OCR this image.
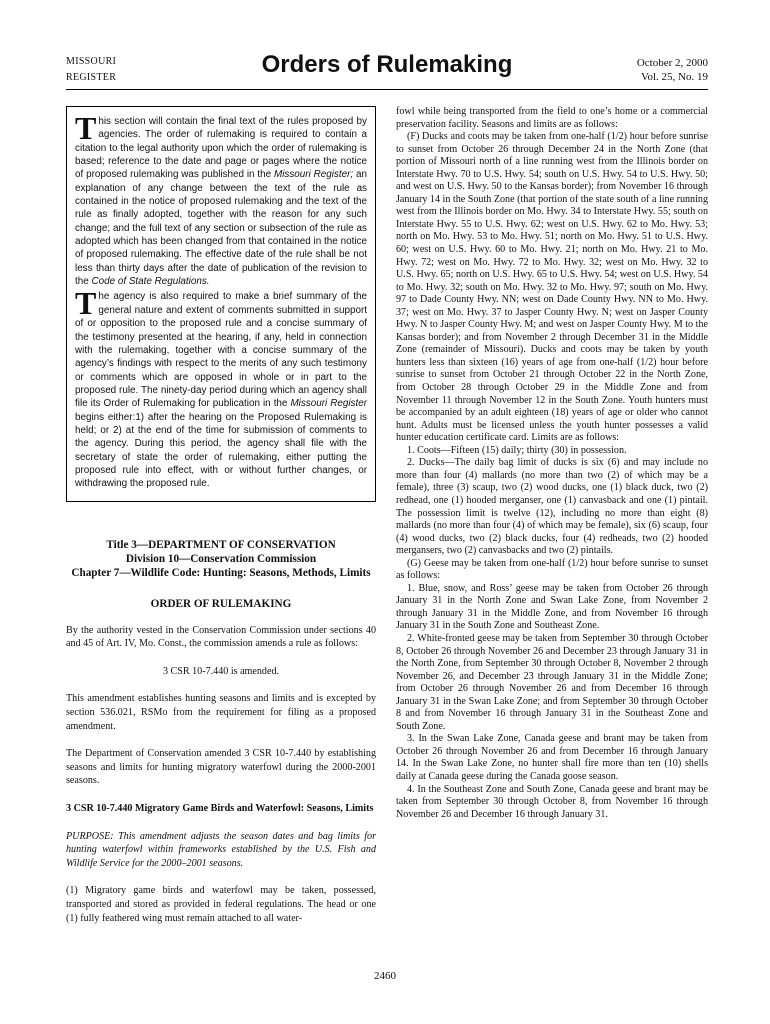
MISSOURI
REGISTER	Orders of Rulemaking	October 2, 2000
Vol. 25, No. 19

This section will contain the final text of the rules proposed by agencies. The order of rulemaking is required to contain a citation to the legal authority upon which the order of rulemaking is based; reference to the date and page or pages where the notice of proposed rulemaking was published in the Missouri Register; an explanation of any change between the text of the rule as contained in the notice of proposed rulemaking and the text of the rule as finally adopted, together with the reason for any such change; and the full text of any section or subsection of the rule as adopted which has been changed from that contained in the notice of proposed rulemaking. The effective date of the rule shall be not less than thirty days after the date of publication of the revision to the Code of State Regulations.

The agency is also required to make a brief summary of the general nature and extent of comments submitted in support of or opposition to the proposed rule and a concise summary of the testimony presented at the hearing, if any, held in connection with the rulemaking, together with a concise summary of the agency’s findings with respect to the merits of any such testimony or comments which are opposed in whole or in part to the proposed rule. The ninety-day period during which an agency shall file its Order of Rulemaking for publication in the Missouri Register begins either:1) after the hearing on the Proposed Rulemaking is held; or 2) at the end of the time for submission of comments to the agency. During this period, the agency shall file with the secretary of state the order of rulemaking, either putting the proposed rule into effect, with or without further changes, or withdrawing the proposed rule.

Title 3—DEPARTMENT OF CONSERVATION
Division 10—Conservation Commission
Chapter 7—Wildlife Code: Hunting: Seasons, Methods, Limits
ORDER OF RULEMAKING

By the authority vested in the Conservation Commission under sections 40 and 45 of Art. IV, Mo. Const., the commission amends a rule as follows:

3 CSR 10-7.440 is amended.

This amendment establishes hunting seasons and limits and is excepted by section 536.021, RSMo from the requirement for filing as a proposed amendment.

The Department of Conservation amended 3 CSR 10-7.440 by establishing seasons and limits for hunting migratory waterfowl during the 2000-2001 seasons.

3 CSR 10-7.440 Migratory Game Birds and Waterfowl: Seasons, Limits

PURPOSE: This amendment adjusts the season dates and bag limits for hunting waterfowl within frameworks established by the U.S. Fish and Wildlife Service for the 2000–2001 seasons.

(1) Migratory game birds and waterfowl may be taken, possessed, transported and stored as provided in federal regulations. The head or one (1) fully feathered wing must remain attached to all water-

fowl while being transported from the field to one’s home or a commercial preservation facility. Seasons and limits are as follows:

(F) Ducks and coots may be taken from one-half (1/2) hour before sunrise to sunset from October 26 through December 24 in the North Zone (that portion of Missouri north of a line running west from the Illinois border on Interstate Hwy. 70 to U.S. Hwy. 54; south on U.S. Hwy. 54 to U.S. Hwy. 50; and west on U.S. Hwy. 50 to the Kansas border); from November 16 through January 14 in the South Zone (that portion of the state south of a line running west from the Illinois border on Mo. Hwy. 34 to Interstate Hwy. 55; south on Interstate Hwy. 55 to U.S. Hwy. 62; west on U.S. Hwy. 62 to Mo. Hwy. 53; north on Mo. Hwy. 53 to Mo. Hwy. 51; north on Mo. Hwy. 51 to U.S. Hwy. 60; west on U.S. Hwy. 60 to Mo. Hwy. 21; north on Mo. Hwy. 21 to Mo. Hwy. 72; west on Mo. Hwy. 72 to Mo. Hwy. 32; west on Mo. Hwy. 32 to U.S. Hwy. 65; north on U.S. Hwy. 65 to U.S. Hwy. 54; west on U.S. Hwy. 54 to Mo. Hwy. 32; south on Mo. Hwy. 32 to Mo. Hwy. 97; south on Mo. Hwy. 97 to Dade County Hwy. NN; west on Dade County Hwy. NN to Mo. Hwy. 37; west on Mo. Hwy. 37 to Jasper County Hwy. N; west on Jasper County Hwy. N to Jasper County Hwy. M; and west on Jasper County Hwy. M to the Kansas border); and from November 2 through December 31 in the Middle Zone (remainder of Missouri). Ducks and coots may be taken by youth hunters less than sixteen (16) years of age from one-half (1/2) hour before sunrise to sunset from October 21 through October 22 in the North Zone, from October 28 through October 29 in the Middle Zone and from November 11 through November 12 in the South Zone. Youth hunters must be accompanied by an adult eighteen (18) years of age or older who cannot hunt. Adults must be licensed unless the youth hunter possesses a valid hunter education certificate card. Limits are as follows:

1. Coots—Fifteen (15) daily; thirty (30) in possession.

2. Ducks—The daily bag limit of ducks is six (6) and may include no more than four (4) mallards (no more than two (2) of which may be a female), three (3) scaup, two (2) wood ducks, one (1) black duck, two (2) redhead, one (1) hooded merganser, one (1) canvasback and one (1) pintail. The possession limit is twelve (12), including no more than eight (8) mallards (no more than four (4) of which may be female), six (6) scaup, four (4) wood ducks, two (2) black ducks, four (4) redheads, two (2) hooded mergansers, two (2) canvasbacks and two (2) pintails.

(G) Geese may be taken from one-half (1/2) hour before sunrise to sunset as follows:

1. Blue, snow, and Ross’ geese may be taken from October 26 through January 31 in the North Zone and Swan Lake Zone, from November 2 through January 31 in the Middle Zone, and from November 16 through January 31 in the South Zone and Southeast Zone.

2. White-fronted geese may be taken from September 30 through October 8, October 26 through November 26 and December 23 through January 31 in the North Zone, from September 30 through October 8, November 2 through November 26, and December 23 through January 31 in the Middle Zone; from October 26 through November 26 and from December 16 through January 31 in the Swan Lake Zone; and from September 30 through October 8 and from November 16 through January 31 in the Southeast Zone and South Zone.

3. In the Swan Lake Zone, Canada geese and brant may be taken from October 26 through November 26 and from December 16 through January 14. In the Swan Lake Zone, no hunter shall fire more than ten (10) shells daily at Canada geese during the Canada goose season.

4. In the Southeast Zone and South Zone, Canada geese and brant may be taken from September 30 through October 8, from November 16 through November 26 and December 16 through January 31.

2460
